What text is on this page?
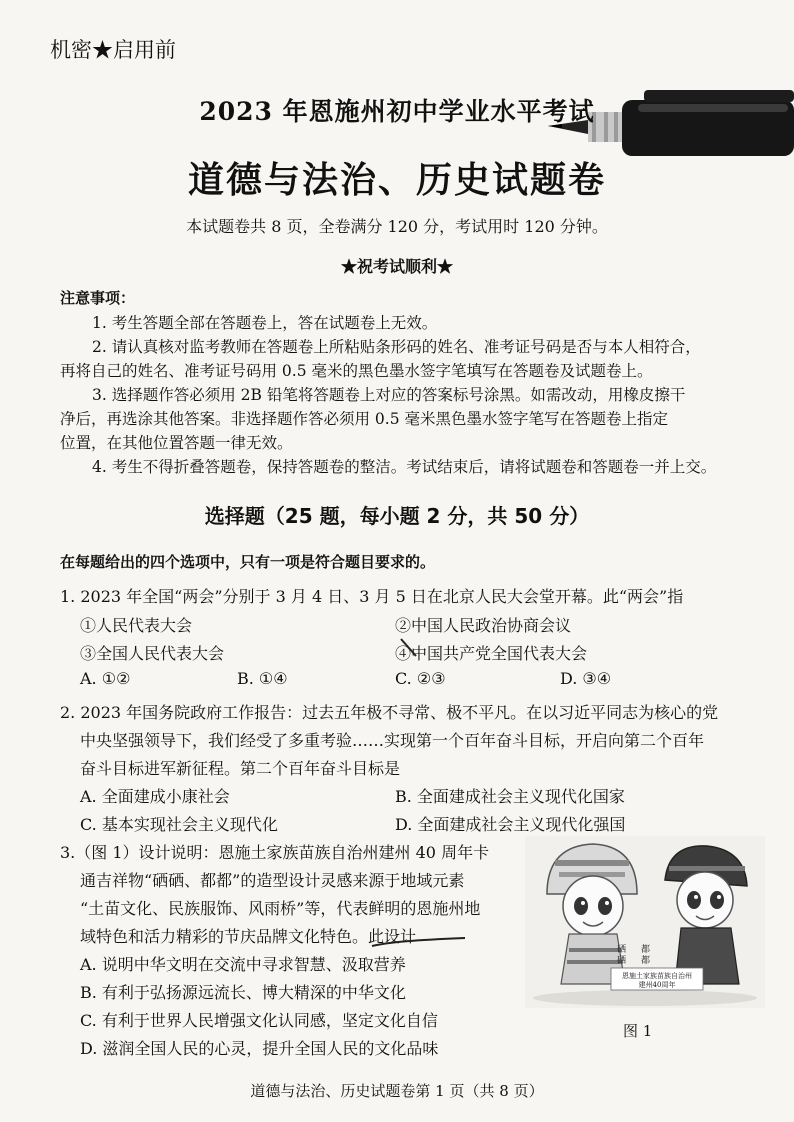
机密★启用前
2023 年恩施州初中学业水平考试
道德与法治、历史试题卷
本试题卷共 8 页，全卷满分 120 分，考试用时 120 分钟。
★祝考试顺利★
注意事项：
1. 考生答题全部在答题卷上，答在试题卷上无效。
2. 请认真核对监考教师在答题卷上所粘贴条形码的姓名、准考证号码是否与本人相符合，
再将自己的姓名、准考证号码用 0.5 毫米的黑色墨水签字笔填写在答题卷及试题卷上。
3. 选择题作答必须用 2B 铅笔将答题卷上对应的答案标号涂黑。如需改动，用橡皮擦干
净后，再选涂其他答案。非选择题作答必须用 0.5 毫米黑色墨水签字笔写在答题卷上指定
位置，在其他位置答题一律无效。
4. 考生不得折叠答题卷，保持答题卷的整洁。考试结束后，请将试题卷和答题卷一并上交。
选择题（25 题，每小题 2 分，共 50 分）
在每题给出的四个选项中，只有一项是符合题目要求的。
1. 2023 年全国“两会”分别于 3 月 4 日、3 月 5 日在北京人民大会堂开幕。此“两会”指
①人民代表大会	②中国人民政治协商会议
③全国人民代表大会	④中国共产党全国代表大会
A. ①②	B. ①④	C. ②③	D. ③④
2. 2023 年国务院政府工作报告：过去五年极不寻常、极不平凡。在以习近平同志为核心的党
中央坚强领导下，我们经受了多重考验……实现第一个百年奋斗目标，开启向第二个百年
奋斗目标进军新征程。第二个百年奋斗目标是
A. 全面建成小康社会	B. 全面建成社会主义现代化国家
C. 基本实现社会主义现代化	D. 全面建成社会主义现代化强国
3.（图 1）设计说明：恩施土家族苗族自治州建州 40 周年卡
通吉祥物“硒硒、都都”的造型设计灵感来源于地域元素
“土苗文化、民族服饰、风雨桥”等，代表鲜明的恩施州地
域特色和活力精彩的节庆品牌文化特色。此设计
A. 说明中华文明在交流中寻求智慧、汲取营养
B. 有利于弘扬源远流长、博大精深的中华文化
C. 有利于世界人民增强文化认同感，坚定文化自信
D. 滋润全国人民的心灵，提升全国人民的文化品味
硒
硒
都
都
恩施土家族苗族自治州
建州40周年
图 1
道德与法治、历史试题卷第 1 页（共 8 页）
